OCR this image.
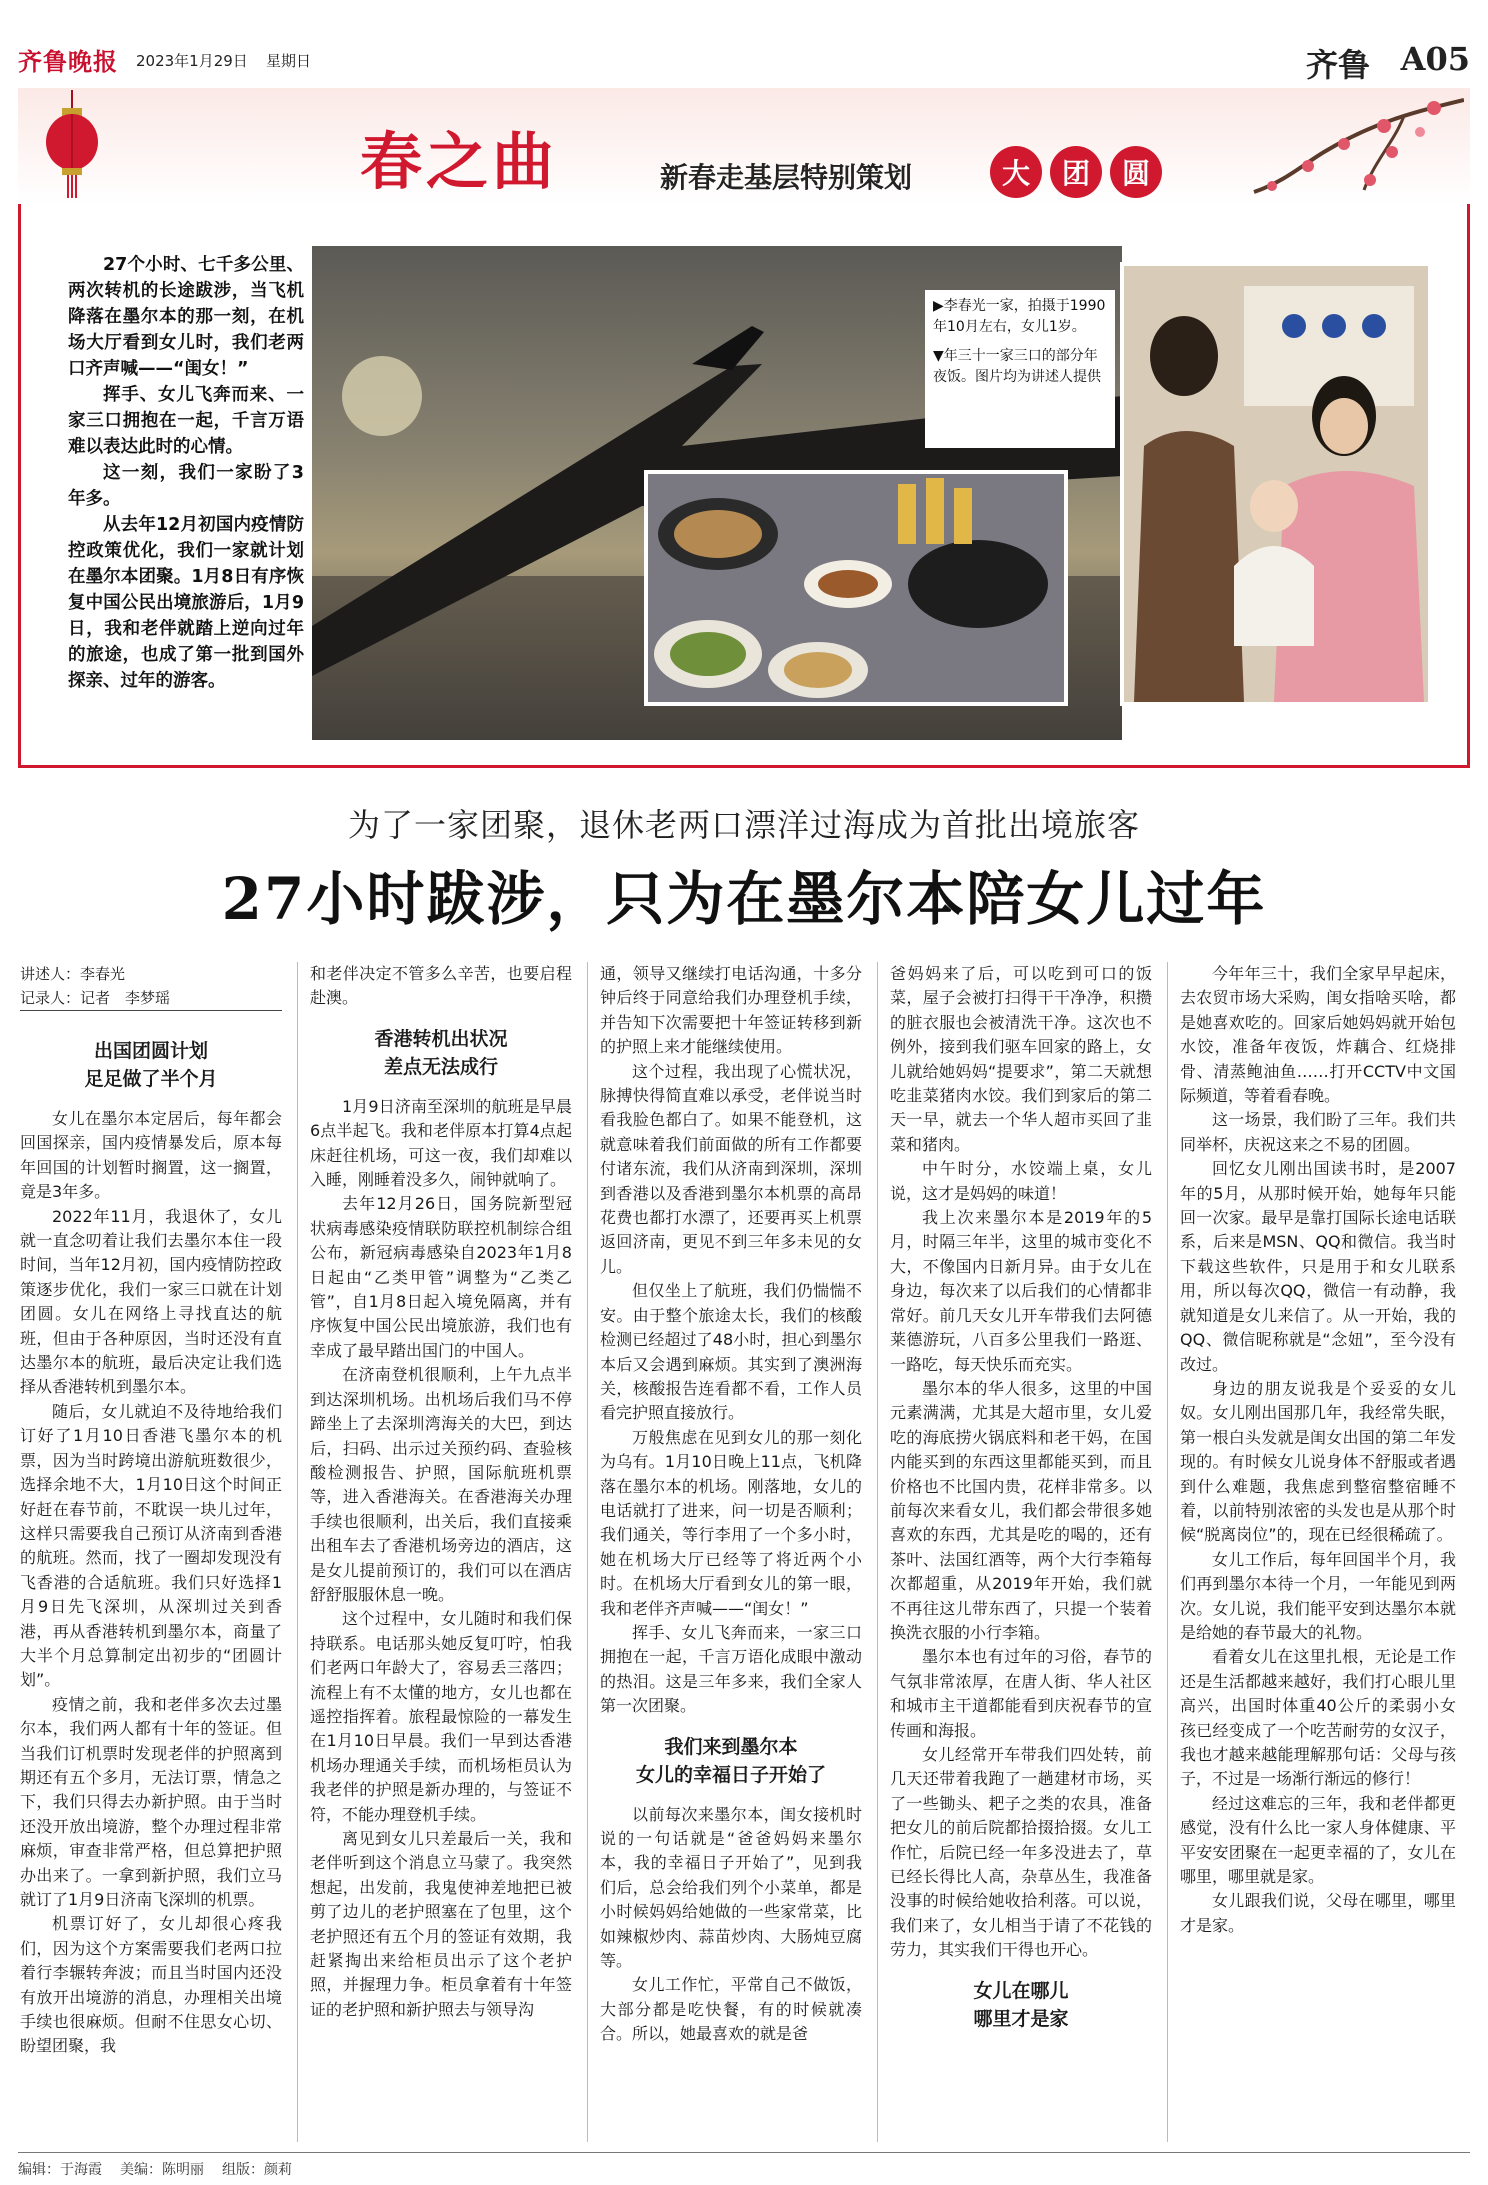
齐鲁晚报 2023年1月29日 星期日	齐鲁 A05
春之曲	新春走基层特别策划	大	团	圆

27个小时、七千多公里、两次转机的长途跋涉，当飞机降落在墨尔本的那一刻，在机场大厅看到女儿时，我们老两口齐声喊——“闺女！”

挥手、女儿飞奔而来、一家三口拥抱在一起，千言万语难以表达此时的心情。

这一刻，我们一家盼了3年多。

从去年12月初国内疫情防控政策优化，我们一家就计划在墨尔本团聚。1月8日有序恢复中国公民出境旅游后，1月9日，我和老伴就踏上逆向过年的旅途，也成了第一批到国外探亲、过年的游客。

▶李春光一家，拍摄于1990年10月左右，女儿1岁。
▼年三十一家三口的部分年夜饭。图片均为讲述人提供
为了一家团聚，退休老两口漂洋过海成为首批出境旅客
27小时跋涉，只为在墨尔本陪女儿过年
讲述人：李春光
记录人：记者　李梦瑶
出国团圆计划
足足做了半个月

女儿在墨尔本定居后，每年都会回国探亲，国内疫情暴发后，原本每年回国的计划暂时搁置，这一搁置，竟是3年多。

2022年11月，我退休了，女儿就一直念叨着让我们去墨尔本住一段时间，当年12月初，国内疫情防控政策逐步优化，我们一家三口就在计划团圆。女儿在网络上寻找直达的航班，但由于各种原因，当时还没有直达墨尔本的航班，最后决定让我们选择从香港转机到墨尔本。

随后，女儿就迫不及待地给我们订好了1月10日香港飞墨尔本的机票，因为当时跨境出游航班数很少，选择余地不大，1月10日这个时间正好赶在春节前，不耽误一块儿过年，这样只需要我自己预订从济南到香港的航班。然而，找了一圈却发现没有飞香港的合适航班。我们只好选择1月9日先飞深圳，从深圳过关到香港，再从香港转机到墨尔本，商量了大半个月总算制定出初步的“团圆计划”。

疫情之前，我和老伴多次去过墨尔本，我们两人都有十年的签证。但当我们订机票时发现老伴的护照离到期还有五个多月，无法订票，情急之下，我们只得去办新护照。由于当时还没开放出境游，整个办理过程非常麻烦，审查非常严格，但总算把护照办出来了。一拿到新护照，我们立马就订了1月9日济南飞深圳的机票。

机票订好了，女儿却很心疼我们，因为这个方案需要我们老两口拉着行李辗转奔波；而且当时国内还没有放开出境游的消息，办理相关出境手续也很麻烦。但耐不住思女心切、盼望团聚，我

和老伴决定不管多么辛苦，也要启程赴澳。

香港转机出状况
差点无法成行

1月9日济南至深圳的航班是早晨6点半起飞。我和老伴原本打算4点起床赶往机场，可这一夜，我们却难以入睡，刚睡着没多久，闹钟就响了。

去年12月26日，国务院新型冠状病毒感染疫情联防联控机制综合组公布，新冠病毒感染自2023年1月8日起由“乙类甲管”调整为“乙类乙管”，自1月8日起入境免隔离，并有序恢复中国公民出境旅游，我们也有幸成了最早踏出国门的中国人。

在济南登机很顺利，上午九点半到达深圳机场。出机场后我们马不停蹄坐上了去深圳湾海关的大巴，到达后，扫码、出示过关预约码、查验核酸检测报告、护照，国际航班机票等，进入香港海关。在香港海关办理手续也很顺利，出关后，我们直接乘出租车去了香港机场旁边的酒店，这是女儿提前预订的，我们可以在酒店舒舒服服休息一晚。

这个过程中，女儿随时和我们保持联系。电话那头她反复叮咛，怕我们老两口年龄大了，容易丢三落四；流程上有不太懂的地方，女儿也都在遥控指挥着。旅程最惊险的一幕发生在1月10日早晨。我们一早到达香港机场办理通关手续，而机场柜员认为我老伴的护照是新办理的，与签证不符，不能办理登机手续。

离见到女儿只差最后一关，我和老伴听到这个消息立马蒙了。我突然想起，出发前，我鬼使神差地把已被剪了边儿的老护照塞在了包里，这个老护照还有五个月的签证有效期，我赶紧掏出来给柜员出示了这个老护照，并握理力争。柜员拿着有十年签证的老护照和新护照去与领导沟

通，领导又继续打电话沟通，十多分钟后终于同意给我们办理登机手续，并告知下次需要把十年签证转移到新的护照上来才能继续使用。

这个过程，我出现了心慌状况，脉搏快得简直难以承受，老伴说当时看我脸色都白了。如果不能登机，这就意味着我们前面做的所有工作都要付诸东流，我们从济南到深圳，深圳到香港以及香港到墨尔本机票的高昂花费也都打水漂了，还要再买上机票返回济南，更见不到三年多未见的女儿。

但仅坐上了航班，我们仍惴惴不安。由于整个旅途太长，我们的核酸检测已经超过了48小时，担心到墨尔本后又会遇到麻烦。其实到了澳洲海关，核酸报告连看都不看，工作人员看完护照直接放行。

万般焦虑在见到女儿的那一刻化为乌有。1月10日晚上11点，飞机降落在墨尔本的机场。刚落地，女儿的电话就打了进来，问一切是否顺利；我们通关，等行李用了一个多小时，她在机场大厅已经等了将近两个小时。在机场大厅看到女儿的第一眼，我和老伴齐声喊——“闺女！”

挥手、女儿飞奔而来，一家三口拥抱在一起，千言万语化成眼中激动的热泪。这是三年多来，我们全家人第一次团聚。

我们来到墨尔本
女儿的幸福日子开始了

以前每次来墨尔本，闺女接机时说的一句话就是“爸爸妈妈来墨尔本，我的幸福日子开始了”，见到我们后，总会给我们列个小菜单，都是小时候妈妈给她做的一些家常菜，比如辣椒炒肉、蒜苗炒肉、大肠炖豆腐等。

女儿工作忙，平常自己不做饭，大部分都是吃快餐，有的时候就凑合。所以，她最喜欢的就是爸

爸妈妈来了后，可以吃到可口的饭菜，屋子会被打扫得干干净净，积攒的脏衣服也会被清洗干净。这次也不例外，接到我们驱车回家的路上，女儿就给她妈妈“提要求”，第二天就想吃韭菜猪肉水饺。我们到家后的第二天一早，就去一个华人超市买回了韭菜和猪肉。

中午时分，水饺端上桌，女儿说，这才是妈妈的味道！

我上次来墨尔本是2019年的5月，时隔三年半，这里的城市变化不大，不像国内日新月异。由于女儿在身边，每次来了以后我们的心情都非常好。前几天女儿开车带我们去阿德莱德游玩，八百多公里我们一路逛、一路吃，每天快乐而充实。

墨尔本的华人很多，这里的中国元素满满，尤其是大超市里，女儿爱吃的海底捞火锅底料和老干妈，在国内能买到的东西这里都能买到，而且价格也不比国内贵，花样非常多。以前每次来看女儿，我们都会带很多她喜欢的东西，尤其是吃的喝的，还有茶叶、法国红酒等，两个大行李箱每次都超重，从2019年开始，我们就不再往这儿带东西了，只提一个装着换洗衣服的小行李箱。

墨尔本也有过年的习俗，春节的气氛非常浓厚，在唐人街、华人社区和城市主干道都能看到庆祝春节的宣传画和海报。

女儿经常开车带我们四处转，前几天还带着我跑了一趟建材市场，买了一些锄头、耙子之类的农具，准备把女儿的前后院都拾掇拾掇。女儿工作忙，后院已经一年多没进去了，草已经长得比人高，杂草丛生，我准备没事的时候给她收拾利落。可以说，我们来了，女儿相当于请了不花钱的劳力，其实我们干得也开心。

女儿在哪儿
哪里才是家

今年年三十，我们全家早早起床，去农贸市场大采购，闺女指啥买啥，都是她喜欢吃的。回家后她妈妈就开始包水饺，准备年夜饭，炸藕合、红烧排骨、清蒸鲍油鱼……打开CCTV中文国际频道，等着看春晚。

这一场景，我们盼了三年。我们共同举杯，庆祝这来之不易的团圆。

回忆女儿刚出国读书时，是2007年的5月，从那时候开始，她每年只能回一次家。最早是靠打国际长途电话联系，后来是MSN、QQ和微信。我当时下载这些软件，只是用于和女儿联系用，所以每次QQ，微信一有动静，我就知道是女儿来信了。从一开始，我的QQ、微信昵称就是“念妞”，至今没有改过。

身边的朋友说我是个妥妥的女儿奴。女儿刚出国那几年，我经常失眠，第一根白头发就是闺女出国的第二年发现的。有时候女儿说身体不舒服或者遇到什么难题，我焦虑到整宿整宿睡不着，以前特别浓密的头发也是从那个时候“脱离岗位”的，现在已经很稀疏了。

女儿工作后，每年回国半个月，我们再到墨尔本待一个月，一年能见到两次。女儿说，我们能平安到达墨尔本就是给她的春节最大的礼物。

看着女儿在这里扎根，无论是工作还是生活都越来越好，我们打心眼儿里高兴，出国时体重40公斤的柔弱小女孩已经变成了一个吃苦耐劳的女汉子，我也才越来越能理解那句话：父母与孩子，不过是一场渐行渐远的修行！

经过这难忘的三年，我和老伴都更感觉，没有什么比一家人身体健康、平平安安团聚在一起更幸福的了，女儿在哪里，哪里就是家。

女儿跟我们说，父母在哪里，哪里才是家。

编辑：于海霞 美编：陈明丽 组版：颜莉
